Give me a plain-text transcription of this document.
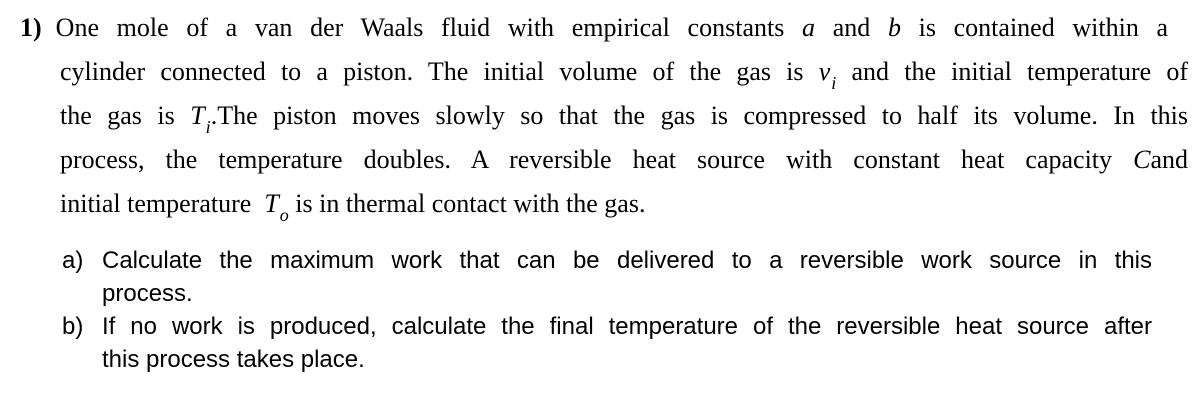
1) One mole of a van der Waals fluid with empirical constants a and b is contained within a
cylinder connected to a piston. The initial volume of the gas is $v_i$ and the initial temperature of
the gas is $T_i.The$ piston moves slowly so that the gas is compressed to half its volume. In this
process, the temperature doubles. A reversible heat source with constant heat capacity Cand
initial temperature $T_o$ is in thermal contact with the gas.
a) Calculate the maximum work that can be delivered to a reversible work source in this
process.
b) If no work is produced, calculate the final temperature of the reversible heat source after
this process takes place.
